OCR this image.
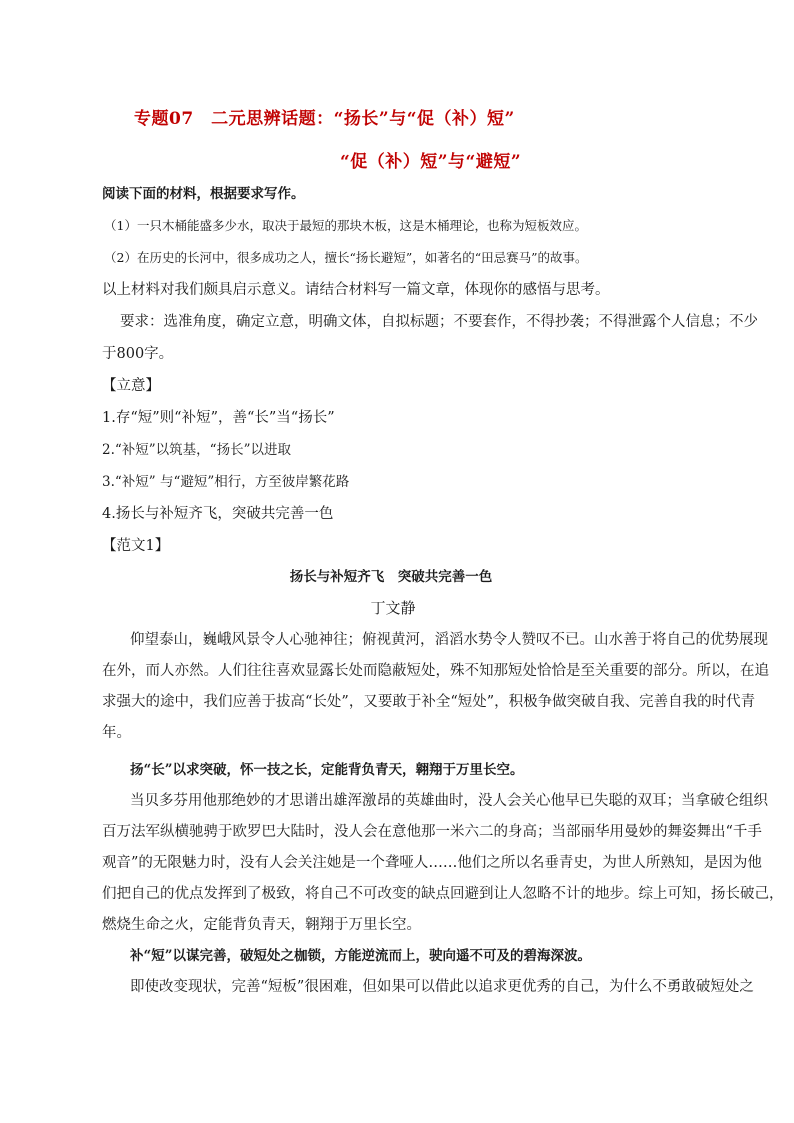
专题07　二元思辨话题：“扬长”与“促（补）短”
“促（补）短”与“避短”
阅读下面的材料，根据要求写作。
（1）一只木桶能盛多少水，取决于最短的那块木板，这是木桶理论，也称为短板效应。
（2）在历史的长河中，很多成功之人，擅长“扬长避短”，如著名的“田忌赛马”的故事。
以上材料对我们颇具启示意义。请结合材料写一篇文章，体现你的感悟与思考。
要求：选准角度，确定立意，明确文体，自拟标题；不要套作，不得抄袭；不得泄露个人信息；不少
于800字。
【立意】
1.存“短”则“补短”，善“长”当“扬长”
2.“补短”以筑基，“扬长”以进取
3.“补短” 与“避短”相行，方至彼岸繁花路
4.扬长与补短齐飞，突破共完善一色
【范文1】
扬长与补短齐飞　突破共完善一色
丁文静
仰望泰山，巍峨风景令人心驰神往；俯视黄河，滔滔水势令人赞叹不已。山水善于将自己的优势展现
在外，而人亦然。人们往往喜欢显露长处而隐蔽短处，殊不知那短处恰恰是至关重要的部分。所以，在追
求强大的途中，我们应善于拔高“长处”，又要敢于补全“短处”，积极争做突破自我、完善自我的时代青
年。
扬“长”以求突破，怀一技之长，定能背负青天，翱翔于万里长空。
当贝多芬用他那绝妙的才思谱出雄浑激昂的英雄曲时，没人会关心他早已失聪的双耳；当拿破仑组织
百万法军纵横驰骋于欧罗巴大陆时，没人会在意他那一米六二的身高；当部丽华用曼妙的舞姿舞出“千手
观音”的无限魅力时，没有人会关注她是一个聋哑人……他们之所以名垂青史，为世人所熟知，是因为他
们把自己的优点发挥到了极致，将自己不可改变的缺点回避到让人忽略不计的地步。综上可知，扬长破己，
燃烧生命之火，定能背负青天，翱翔于万里长空。
补“短”以谋完善，破短处之枷锁，方能逆流而上，驶向遥不可及的碧海深波。
即使改变现状，完善“短板”很困难，但如果可以借此以追求更优秀的自己，为什么不勇敢破短处之
